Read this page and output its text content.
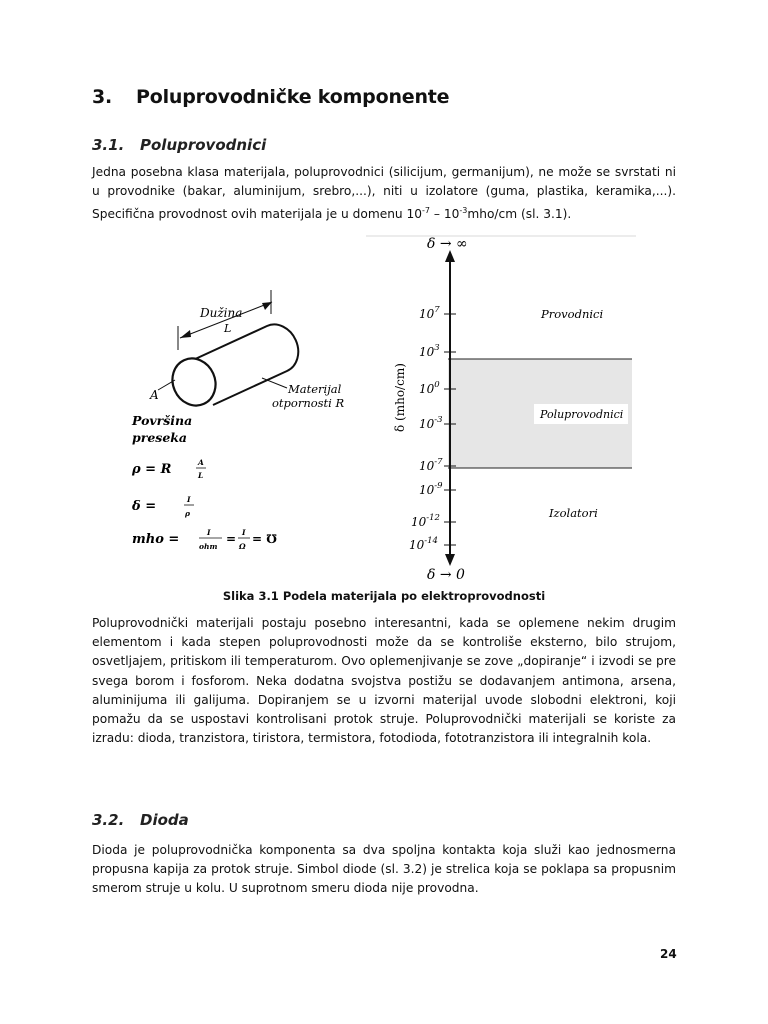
3. Poluprovodničke komponente
3.1. Poluprovodnici

Jedna posebna klasa materijala, poluprovodnici (silicijum, germanijum), ne može se svrstati ni u provodnike (bakar, aluminijum, srebro,...), niti u izolatore (guma, plastika, keramika,...). Specifična provodnost ovih materijala je u domenu $10^{-7} - 10^{-3}mho/cm$ (sl. 3.1).

Dužina
L
A	Materijal
otpornosti R
Površina
preseka
ρ = R	A
L
δ =	I
ρ
mho =	I
ohm
= I
Ω
= ℧
δ → ∞
δ → 0
δ (mho/cm)
$10^7$
$10^3$
$10^0$
$10^{-3}$
$10^{-7}$
$10^{-9}$
$10^{-12}$
$10^{-14}$
Provodnici
Poluprovodnici
Izolatori
Slika 3.1 Podela materijala po elektroprovodnosti

Poluprovodnički materijali postaju posebno interesantni, kada se oplemene nekim drugim elementom i kada stepen poluprovodnosti može da se kontroliše eksterno, bilo strujom, osvetljajem, pritiskom ili temperaturom. Ovo oplemenjivanje se zove „dopiranje“ i izvodi se pre svega borom i fosforom. Neka dodatna svojstva postižu se dodavanjem antimona, arsena, aluminijuma ili galijuma. Dopiranjem se u izvorni materijal uvode slobodni elektroni, koji pomažu da se uspostavi kontrolisani protok struje. Poluprovodnički materijali se koriste za izradu: dioda, tranzistora, tiristora, termistora, fotodioda, fototranzistora ili integralnih kola.

3.2. Dioda

Dioda je poluprovodnička komponenta sa dva spoljna kontakta koja služi kao jednosmerna propusna kapija za protok struje. Simbol diode (sl. 3.2) je strelica koja se poklapa sa propusnim smerom struje u kolu. U suprotnom smeru dioda nije provodna.

24
